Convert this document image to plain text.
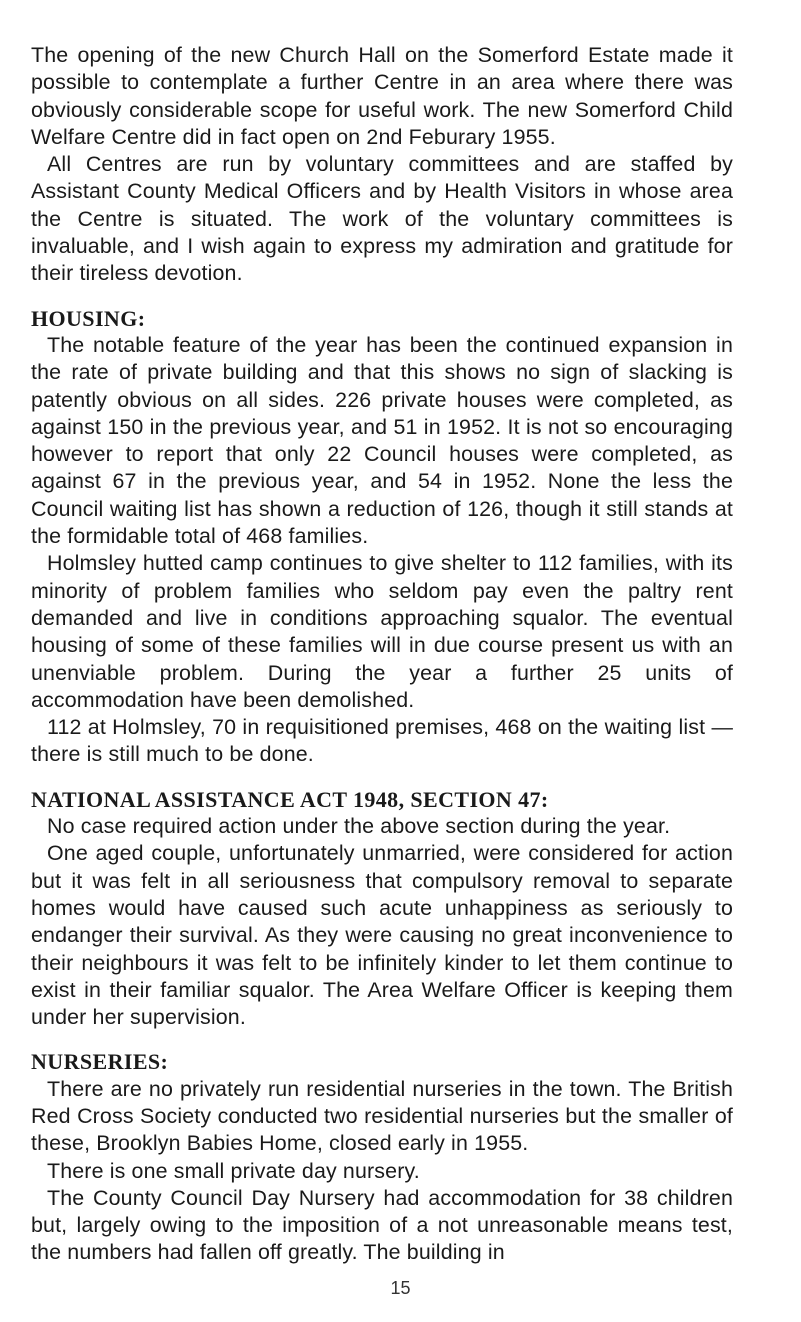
The opening of the new Church Hall on the Somerford Estate made it possible to contemplate a further Centre in an area where there was obviously considerable scope for useful work. The new Somerford Child Welfare Centre did in fact open on 2nd Feburary 1955.

All Centres are run by voluntary committees and are staffed by Assistant County Medical Officers and by Health Visitors in whose area the Centre is situated. The work of the voluntary committees is invaluable, and I wish again to express my admiration and gratitude for their tireless devotion.

HOUSING:

The notable feature of the year has been the continued expansion in the rate of private building and that this shows no sign of slacking is patently obvious on all sides. 226 private houses were completed, as against 150 in the previous year, and 51 in 1952. It is not so encouraging however to report that only 22 Council houses were completed, as against 67 in the previous year, and 54 in 1952. None the less the Council waiting list has shown a reduction of 126, though it still stands at the formidable total of 468 families.

Holmsley hutted camp continues to give shelter to 112 families, with its minority of problem families who seldom pay even the paltry rent demanded and live in conditions approaching squalor. The eventual housing of some of these families will in due course present us with an unenviable problem. During the year a further 25 units of accommodation have been demolished.

112 at Holmsley, 70 in requisitioned premises, 468 on the waiting list — there is still much to be done.

NATIONAL ASSISTANCE ACT 1948, SECTION 47:

No case required action under the above section during the year.

One aged couple, unfortunately unmarried, were considered for action but it was felt in all seriousness that compulsory removal to separate homes would have caused such acute unhappiness as seriously to endanger their survival. As they were causing no great inconvenience to their neighbours it was felt to be infinitely kinder to let them continue to exist in their familiar squalor. The Area Welfare Officer is keeping them under her supervision.

NURSERIES:

There are no privately run residential nurseries in the town. The British Red Cross Society conducted two residential nurseries but the smaller of these, Brooklyn Babies Home, closed early in 1955.

There is one small private day nursery.

The County Council Day Nursery had accommodation for 38 children but, largely owing to the imposition of a not unreasonable means test, the numbers had fallen off greatly. The building in

15
